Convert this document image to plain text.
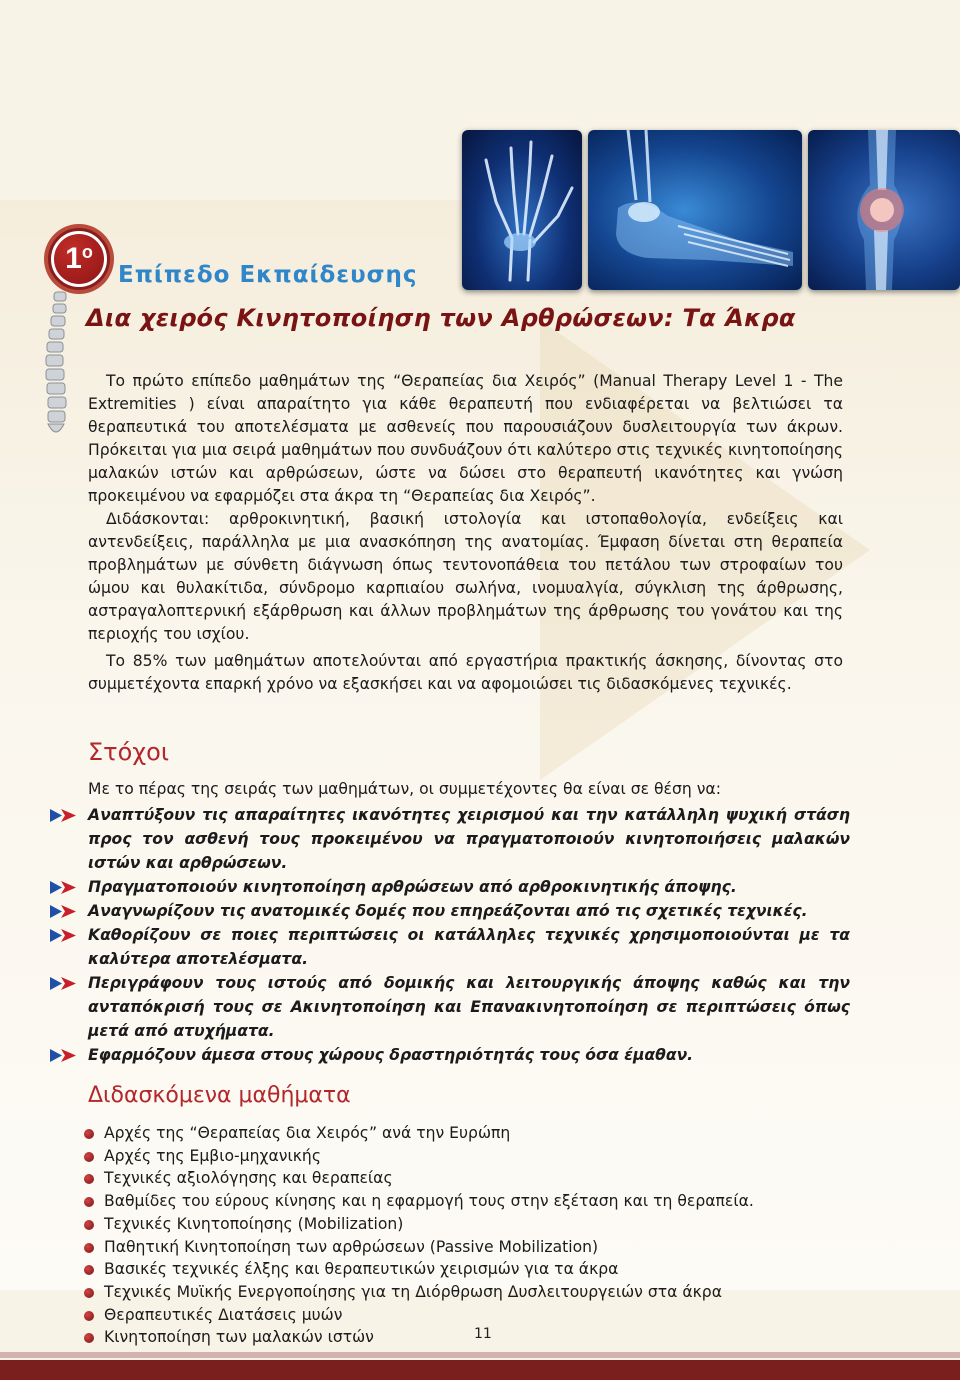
$1^o$
Επίπεδο Εκπαίδευσης
Δια χειρός Κινητοποίηση των Αρθρώσεων: Τα Άκρα
Το πρώτο επίπεδο μαθημάτων της “Θεραπείας δια Χειρός” (Manual Therapy Level 1 - The Extremities ) είναι απαραίτητο για κάθε θεραπευτή που ενδιαφέρεται να βελτιώσει τα θεραπευτικά του αποτελέσματα με ασθενείς που παρουσιάζουν δυσλειτουργία των άκρων. Πρόκειται για μια σειρά μαθημάτων που συνδυάζουν ότι καλύτερο στις τεχνικές κινητοποίησης μαλακών ιστών και αρθρώσεων, ώστε να δώσει στο θεραπευτή ικανότητες και γνώση προκειμένου να εφαρμόζει στα άκρα τη “Θεραπείας δια Χειρός”.
Διδάσκονται: αρθροκινητική, βασική ιστολογία και ιστοπαθολογία, ενδείξεις και αντενδείξεις, παράλληλα με μια ανασκόπηση της ανατομίας. Έμφαση δίνεται στη θεραπεία προβλημάτων με σύνθετη διάγνωση όπως τεντονοπάθεια του πετάλου των στροφαίων του ώμου και θυλακίτιδα, σύνδρομο καρπιαίου σωλήνα, ινομυαλγία, σύγκλιση της άρθρωσης, αστραγαλοπτερνική εξάρθρωση και άλλων προβλημάτων της άρθρωσης του γονάτου και της περιοχής του ισχίου.
Το 85% των μαθημάτων αποτελούνται από εργαστήρια πρακτικής άσκησης, δίνοντας στο συμμετέχοντα επαρκή χρόνο να εξασκήσει και να αφομοιώσει τις διδασκόμενες τεχνικές.
Στόχοι
Με το πέρας της σειράς των μαθημάτων, οι συμμετέχοντες θα είναι σε θέση να:
Αναπτύξουν τις απαραίτητες ικανότητες χειρισμού και την κατάλληλη ψυχική στάση προς τον ασθενή τους προκειμένου να πραγματοποιούν κινητοποιήσεις μαλακών ιστών και αρθρώσεων.
Πραγματοποιούν κινητοποίηση αρθρώσεων από αρθροκινητικής άποψης.
Αναγνωρίζουν τις ανατομικές δομές που επηρεάζονται από τις σχετικές τεχνικές.
Καθορίζουν σε ποιες περιπτώσεις οι κατάλληλες τεχνικές χρησιμοποιούνται με τα καλύτερα αποτελέσματα.
Περιγράφουν τους ιστούς από δομικής και λειτουργικής άποψης καθώς και την ανταπόκρισή τους σε Ακινητοποίηση και Επανακινητοποίηση σε περιπτώσεις όπως μετά από ατυχήματα.
Εφαρμόζουν άμεσα στους χώρους δραστηριότητάς τους όσα έμαθαν.
Διδασκόμενα μαθήματα
Αρχές της “Θεραπείας δια Χειρός” ανά την Ευρώπη
Αρχές της Εμβιο-μηχανικής
Τεχνικές αξιολόγησης και θεραπείας
Βαθμίδες του εύρους κίνησης και η εφαρμογή τους στην εξέταση και τη θεραπεία.
Τεχνικές Κινητοποίησης (Mobilization)
Παθητική Κινητοποίηση των αρθρώσεων (Passive Mobilization)
Βασικές τεχνικές έλξης και θεραπευτικών χειρισμών για τα άκρα
Τεχνικές Μυϊκής Ενεργοποίησης για τη Διόρθρωση Δυσλειτουργειών στα άκρα
Θεραπευτικές Διατάσεις μυών
Κινητοποίηση των μαλακών ιστών	11
